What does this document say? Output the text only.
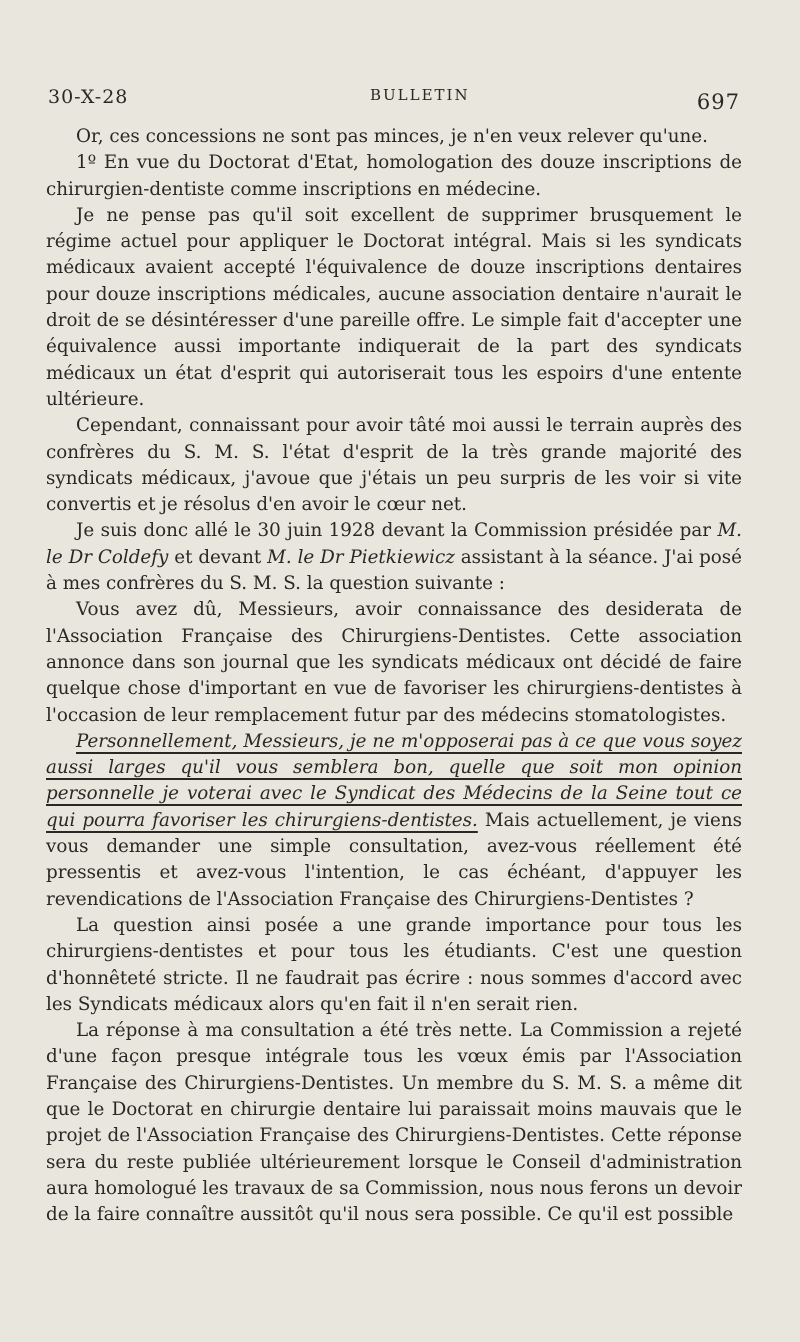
30-X-28	BULLETIN	697

Or, ces concessions ne sont pas minces, je n'en veux relever qu'une.

1º En vue du Doctorat d'Etat, homologation des douze inscriptions de chirurgien-dentiste comme inscriptions en médecine.

Je ne pense pas qu'il soit excellent de supprimer brusquement le régime actuel pour appliquer le Doctorat intégral. Mais si les syndicats médicaux avaient accepté l'équivalence de douze inscriptions dentaires pour douze inscriptions médicales, aucune association dentaire n'aurait le droit de se désintéresser d'une pareille offre. Le simple fait d'accepter une équivalence aussi importante indiquerait de la part des syndicats médicaux un état d'esprit qui autoriserait tous les espoirs d'une entente ultérieure.

Cependant, connaissant pour avoir tâté moi aussi le terrain auprès des confrères du S. M. S. l'état d'esprit de la très grande majorité des syndicats médicaux, j'avoue que j'étais un peu surpris de les voir si vite convertis et je résolus d'en avoir le cœur net.

Je suis donc allé le 30 juin 1928 devant la Commission présidée par M. le Dr Coldefy et devant M. le Dr Pietkiewicz assistant à la séance. J'ai posé à mes confrères du S. M. S. la question suivante :

Vous avez dû, Messieurs, avoir connaissance des desiderata de l'Association Française des Chirurgiens-Dentistes. Cette association annonce dans son journal que les syndicats médicaux ont décidé de faire quelque chose d'important en vue de favoriser les chirurgiens-dentistes à l'occasion de leur remplacement futur par des médecins stomatologistes.

Personnellement, Messieurs, je ne m'opposerai pas à ce que vous soyez aussi larges qu'il vous semblera bon, quelle que soit mon opinion personnelle je voterai avec le Syndicat des Médecins de la Seine tout ce qui pourra favoriser les chirurgiens-dentistes. Mais actuellement, je viens vous demander une simple consultation, avez-vous réellement été pressentis et avez-vous l'intention, le cas échéant, d'appuyer les revendications de l'Association Française des Chirurgiens-Dentistes ?

La question ainsi posée a une grande importance pour tous les chirurgiens-dentistes et pour tous les étudiants. C'est une question d'honnêteté stricte. Il ne faudrait pas écrire : nous sommes d'accord avec les Syndicats médicaux alors qu'en fait il n'en serait rien.

La réponse à ma consultation a été très nette. La Commission a rejeté d'une façon presque intégrale tous les vœux émis par l'Association Française des Chirurgiens-Dentistes. Un membre du S. M. S. a même dit que le Doctorat en chirurgie dentaire lui paraissait moins mauvais que le projet de l'Association Française des Chirurgiens-Dentistes. Cette réponse sera du reste publiée ultérieurement lorsque le Conseil d'administration aura homologué les travaux de sa Commission, nous nous ferons un devoir de la faire connaître aussitôt qu'il nous sera possible. Ce qu'il est possible
